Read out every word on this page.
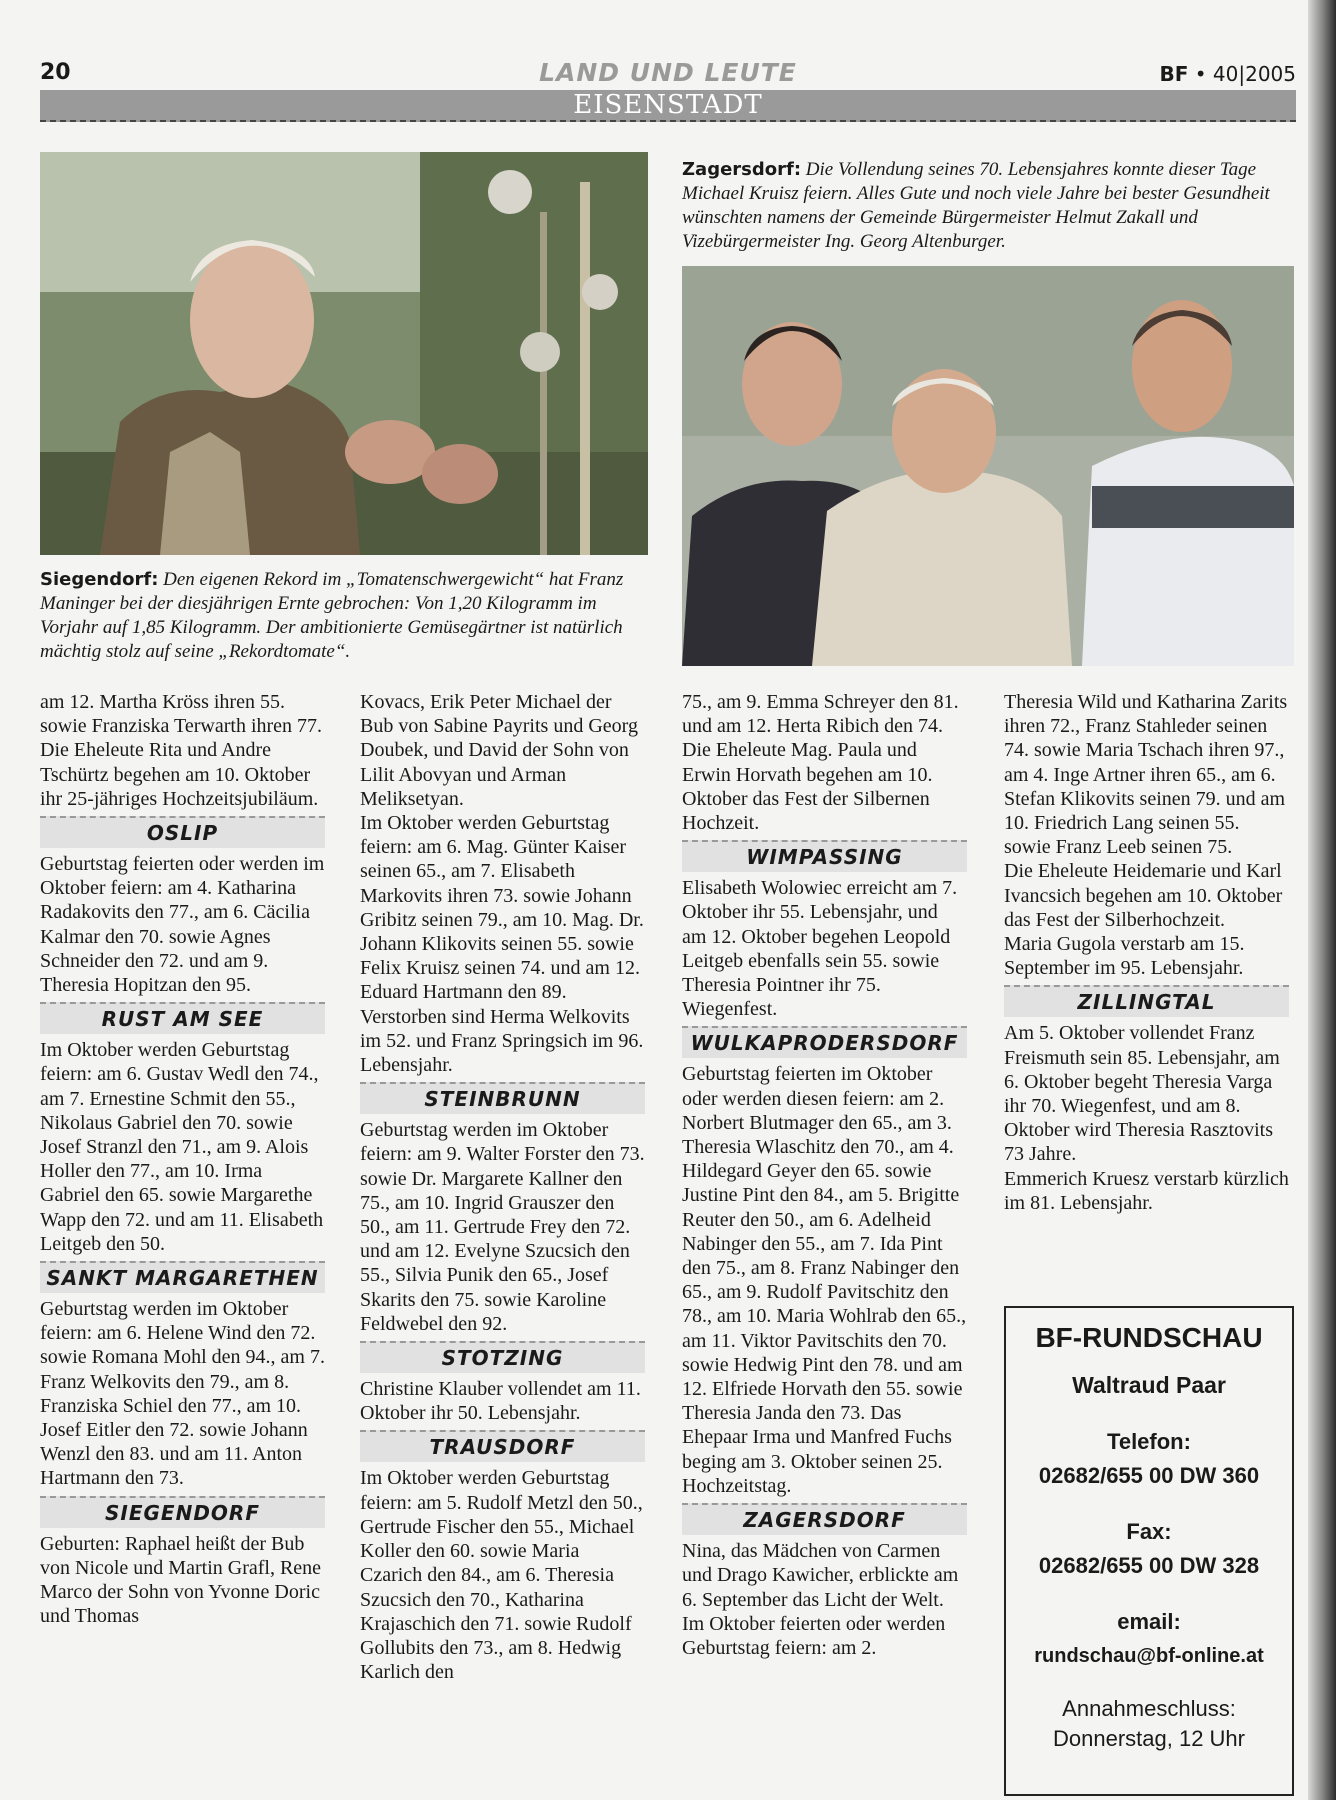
20	LAND UND LEUTE	BF • 40|2005
EISENSTADT
Siegendorf: Den eigenen Rekord im „Tomatenschwergewicht“ hat Franz Maninger bei der diesjährigen Ernte gebrochen: Von 1,20 Kilogramm im Vorjahr auf 1,85 Kilogramm. Der ambitionierte Gemüsegärtner ist natürlich mächtig stolz auf seine „Rekordtomate“.
Zagersdorf: Die Vollendung seines 70. Lebensjahres konnte dieser Tage Michael Kruisz feiern. Alles Gute und noch viele Jahre bei bester Gesundheit wünschten namens der Gemeinde Bürgermeister Helmut Zakall und Vizebürgermeister Ing. Georg Altenburger.

am 12. Martha Kröss ihren 55. sowie Franziska Terwarth ihren 77.

Die Eheleute Rita und Andre Tschürtz begehen am 10. Oktober ihr 25-jähriges Hochzeitsjubiläum.

OSLIP

Geburtstag feierten oder werden im Oktober feiern: am 4. Katharina Radakovits den 77., am 6. Cäcilia Kalmar den 70. sowie Agnes Schneider den 72. und am 9. Theresia Hopitzan den 95.

RUST AM SEE

Im Oktober werden Geburtstag feiern: am 6. Gustav Wedl den 74., am 7. Ernestine Schmit den 55., Nikolaus Gabriel den 70. sowie Josef Stranzl den 71., am 9. Alois Holler den 77., am 10. Irma Gabriel den 65. sowie Margarethe Wapp den 72. und am 11. Elisabeth Leitgeb den 50.

SANKT MARGARETHEN

Geburtstag werden im Oktober feiern: am 6. Helene Wind den 72. sowie Romana Mohl den 94., am 7. Franz Welkovits den 79., am 8. Franziska Schiel den 77., am 10. Josef Eitler den 72. sowie Johann Wenzl den 83. und am 11. Anton Hartmann den 73.

SIEGENDORF

Geburten: Raphael heißt der Bub von Nicole und Martin Grafl, Rene Marco der Sohn von Yvonne Doric und Thomas

Kovacs, Erik Peter Michael der Bub von Sabine Payrits und Georg Doubek, und David der Sohn von Lilit Abovyan und Arman Meliksetyan.

Im Oktober werden Geburtstag feiern: am 6. Mag. Günter Kaiser seinen 65., am 7. Elisabeth Markovits ihren 73. sowie Johann Gribitz seinen 79., am 10. Mag. Dr. Johann Klikovits seinen 55. sowie Felix Kruisz seinen 74. und am 12. Eduard Hartmann den 89.

Verstorben sind Herma Welkovits im 52. und Franz Springsich im 96. Lebensjahr.

STEINBRUNN

Geburtstag werden im Oktober feiern: am 9. Walter Forster den 73. sowie Dr. Margarete Kallner den 75., am 10. Ingrid Grauszer den 50., am 11. Gertrude Frey den 72. und am 12. Evelyne Szucsich den 55., Silvia Punik den 65., Josef Skarits den 75. sowie Karoline Feldwebel den 92.

STOTZING

Christine Klauber vollendet am 11. Oktober ihr 50. Lebensjahr.

TRAUSDORF

Im Oktober werden Geburtstag feiern: am 5. Rudolf Metzl den 50., Gertrude Fischer den 55., Michael Koller den 60. sowie Maria Czarich den 84., am 6. Theresia Szucsich den 70., Katharina Krajaschich den 71. sowie Rudolf Gollubits den 73., am 8. Hedwig Karlich den

75., am 9. Emma Schreyer den 81. und am 12. Herta Ribich den 74.

Die Eheleute Mag. Paula und Erwin Horvath begehen am 10. Oktober das Fest der Silbernen Hochzeit.

WIMPASSING

Elisabeth Wolowiec erreicht am 7. Oktober ihr 55. Lebensjahr, und am 12. Oktober begehen Leopold Leitgeb ebenfalls sein 55. sowie Theresia Pointner ihr 75. Wiegenfest.

WULKAPRODERSDORF

Geburtstag feierten im Oktober oder werden diesen feiern: am 2. Norbert Blutmager den 65., am 3. Theresia Wlaschitz den 70., am 4. Hildegard Geyer den 65. sowie Justine Pint den 84., am 5. Brigitte Reuter den 50., am 6. Adelheid Nabinger den 55., am 7. Ida Pint den 75., am 8. Franz Nabinger den 65., am 9. Rudolf Pavitschitz den 78., am 10. Maria Wohlrab den 65., am 11. Viktor Pavitschits den 70. sowie Hedwig Pint den 78. und am 12. Elfriede Horvath den 55. sowie Theresia Janda den 73. Das Ehepaar Irma und Manfred Fuchs beging am 3. Oktober seinen 25. Hochzeitstag.

ZAGERSDORF

Nina, das Mädchen von Carmen und Drago Kawicher, erblickte am 6. September das Licht der Welt.

Im Oktober feierten oder werden Geburtstag feiern: am 2.

Theresia Wild und Katharina Zarits ihren 72., Franz Stahleder seinen 74. sowie Maria Tschach ihren 97., am 4. Inge Artner ihren 65., am 6. Stefan Klikovits seinen 79. und am 10. Friedrich Lang seinen 55. sowie Franz Leeb seinen 75.

Die Eheleute Heidemarie und Karl Ivancsich begehen am 10. Oktober das Fest der Silberhochzeit.

Maria Gugola verstarb am 15. September im 95. Lebensjahr.

ZILLINGTAL

Am 5. Oktober vollendet Franz Freismuth sein 85. Lebensjahr, am 6. Oktober begeht Theresia Varga ihr 70. Wiegenfest, und am 8. Oktober wird Theresia Rasztovits 73 Jahre.

Emmerich Kruesz verstarb kürzlich im 81. Lebensjahr.

BF-RUNDSCHAU
Waltraud Paar
Telefon:
02682/655 00 DW 360
Fax:
02682/655 00 DW 328
email:
rundschau@bf-online.at
Annahmeschluss:
Donnerstag, 12 Uhr
